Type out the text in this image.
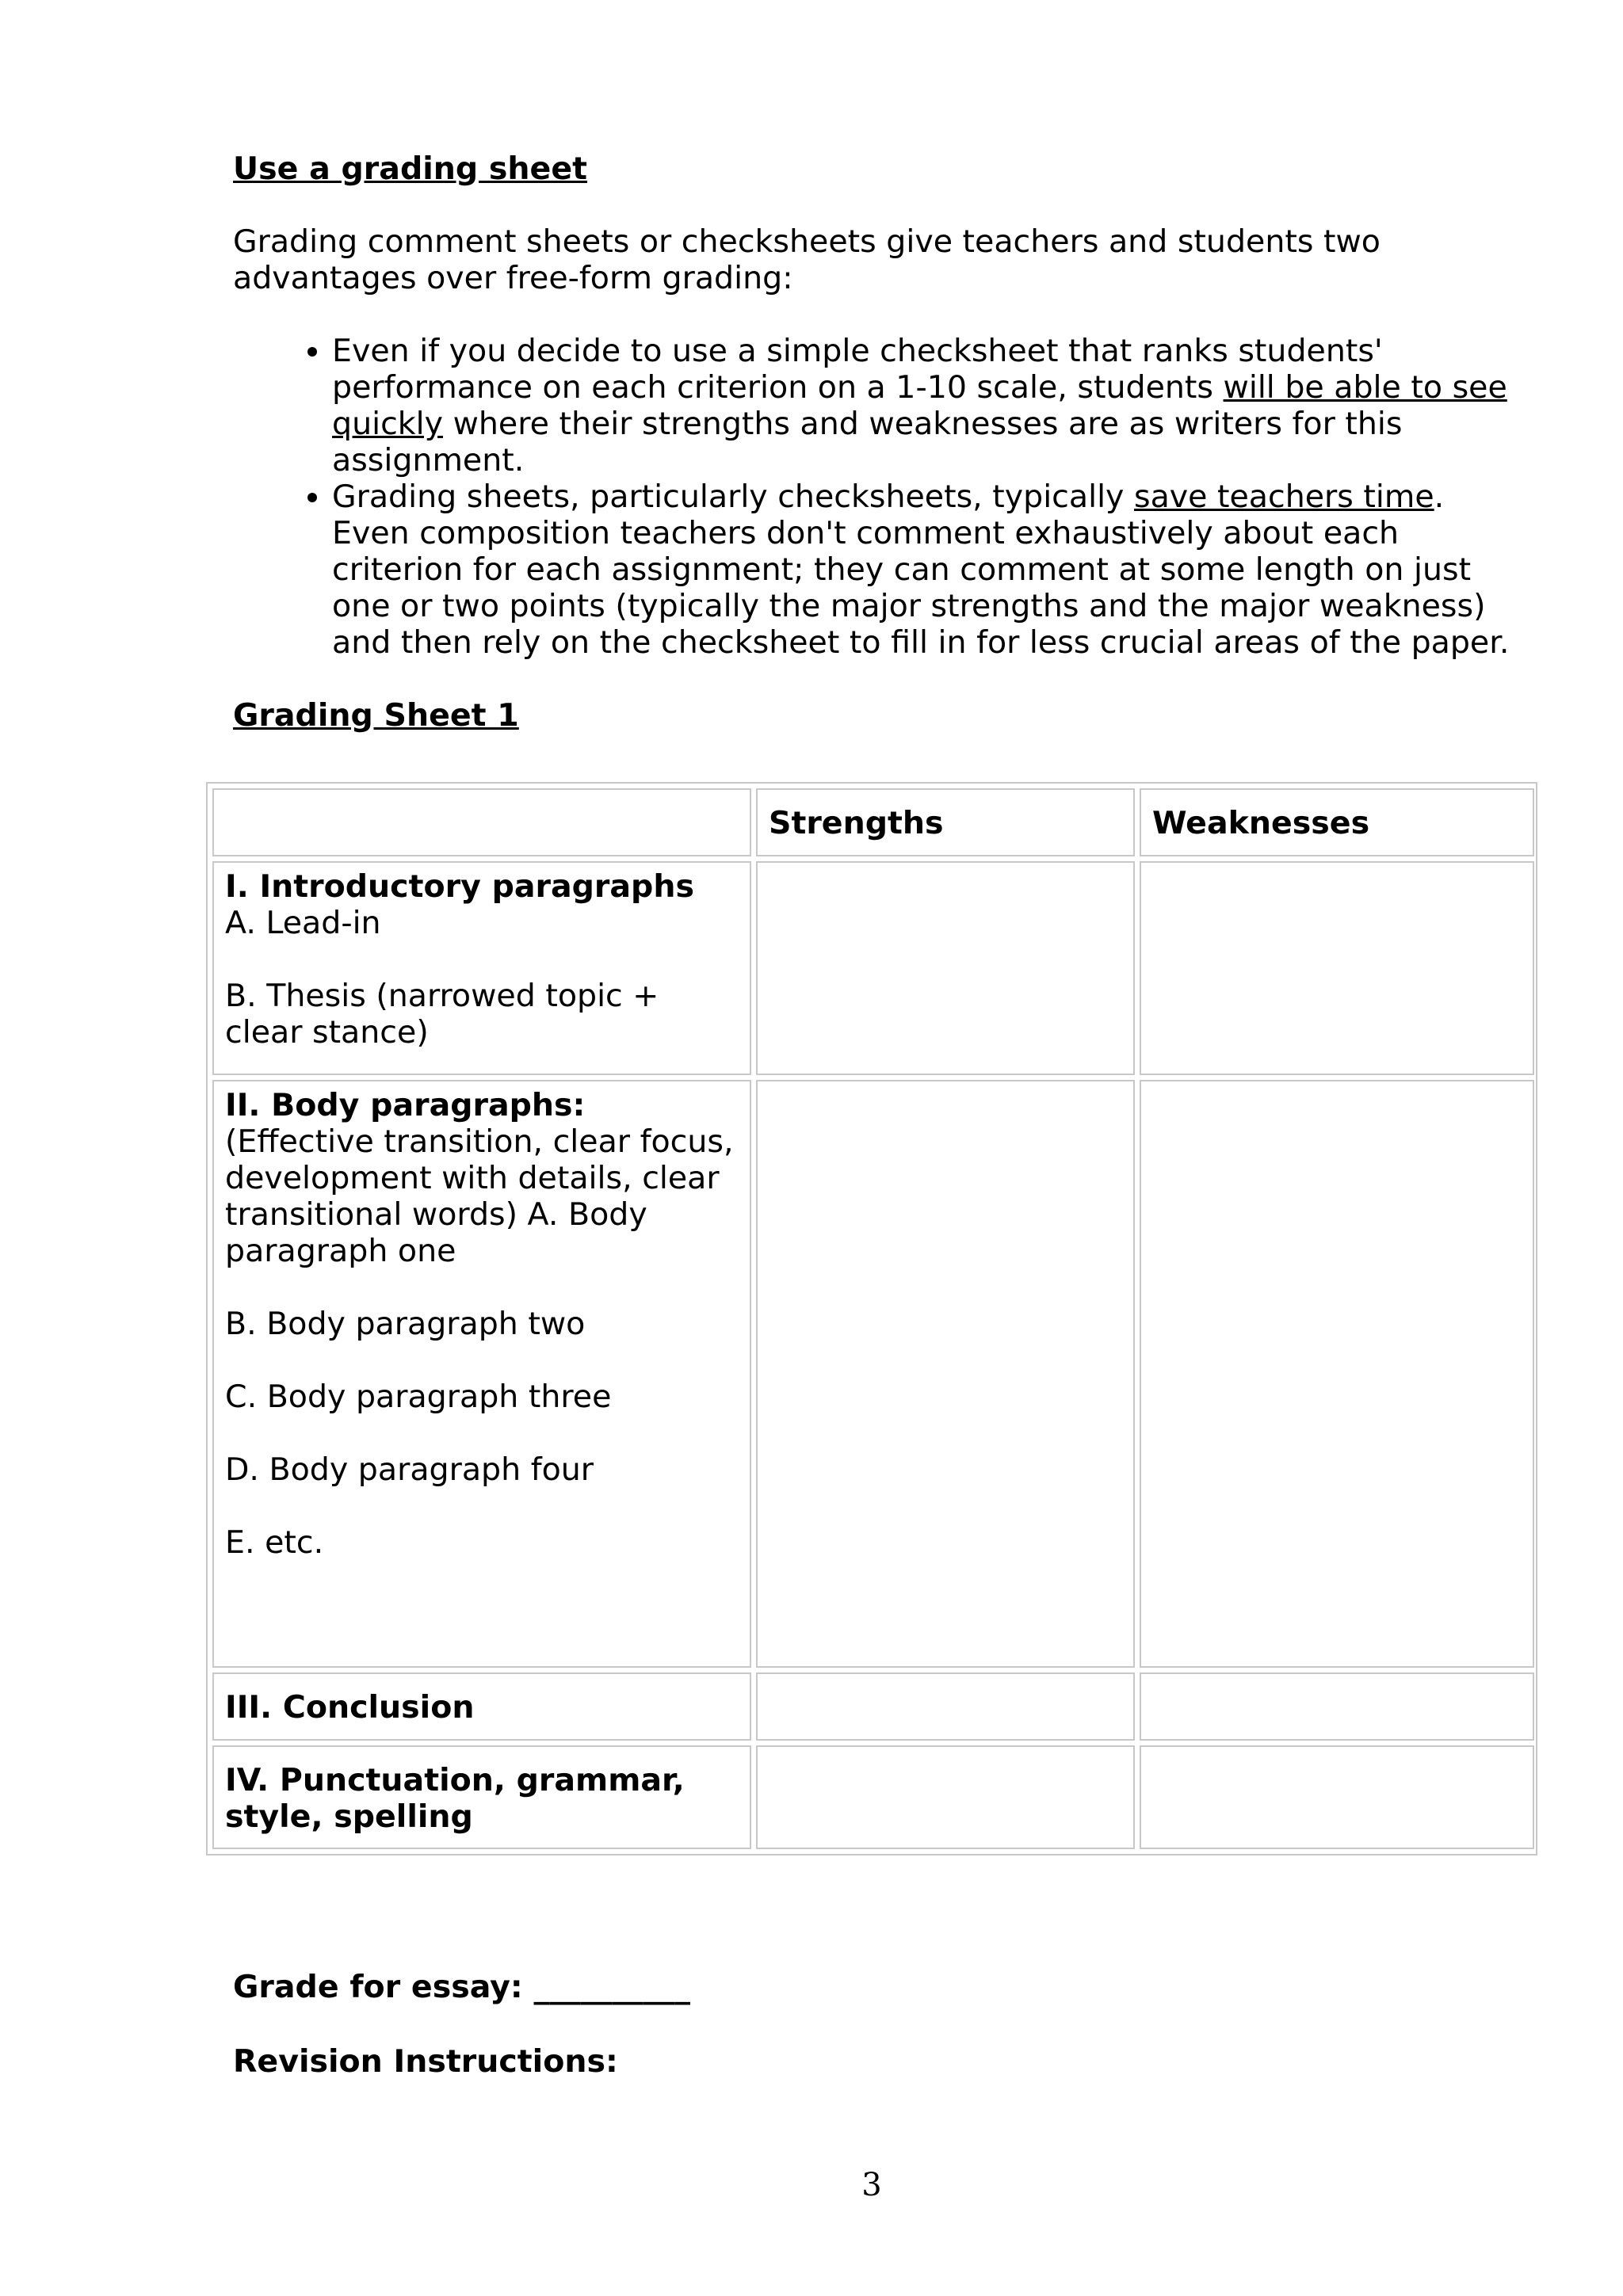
Use a grading sheet

Grading comment sheets or checksheets give teachers and students two advantages over free-form grading:

• Even if you decide to use a simple checksheet that ranks students' performance on each criterion on a 1-10 scale, students will be able to see quickly where their strengths and weaknesses are as writers for this assignment.
• Grading sheets, particularly checksheets, typically save teachers time. Even composition teachers don't comment exhaustively about each criterion for each assignment; they can comment at some length on just one or two points (typically the major strengths and the major weakness) and then rely on the checksheet to fill in for less crucial areas of the paper.

Grading Sheet 1

Strengths	Weaknesses

I. Introductory paragraphs

A. Lead-in

B. Thesis (narrowed topic + clear stance)

II. Body paragraphs: (Effective transition, clear focus, development with details, clear transitional words) A. Body paragraph one

B. Body paragraph two

C. Body paragraph three

D. Body paragraph four

E. etc.

III. Conclusion

IV. Punctuation, grammar, style, spelling

Grade for essay: __________
Revision Instructions:
3
